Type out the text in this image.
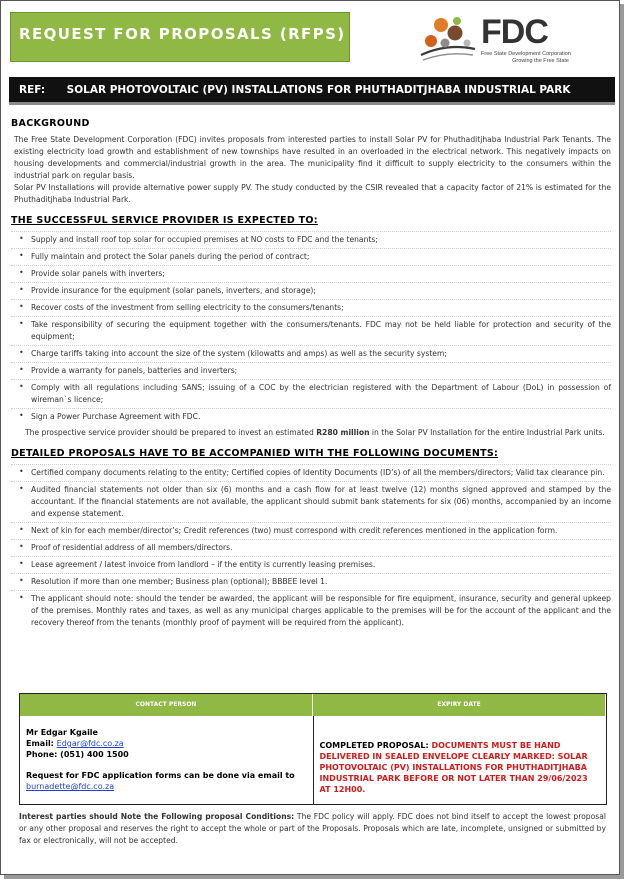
REQUEST FOR PROPOSALS (RFPS)	FDC
Free State Development Corporation
Growing the Free State
REF: SOLAR PHOTOVOLTAIC (PV) INSTALLATIONS FOR PHUTHADITJHABA INDUSTRIAL PARK
BACKGROUND

The Free State Development Corporation (FDC) invites proposals from interested parties to install Solar PV for Phuthaditjhaba Industrial Park Tenants. The existing electricity load growth and establishment of new townships have resulted in an overloaded in the electrical network. This negatively impacts on housing developments and commercial/industrial growth in the area. The municipality find it difficult to supply electricity to the consumers within the industrial park on regular basis.

Solar PV Installations will provide alternative power supply PV. The study conducted by the CSIR revealed that a capacity factor of 21% is estimated for the Phuthaditjhaba Industrial Park.

THE SUCCESSFUL SERVICE PROVIDER IS EXPECTED TO:
• Supply and install roof top solar for occupied premises at NO costs to FDC and the tenants;
• Fully maintain and protect the Solar panels during the period of contract;
• Provide solar panels with inverters;
• Provide insurance for the equipment (solar panels, inverters, and storage);
• Recover costs of the investment from selling electricity to the consumers/tenants;
• Take responsibility of securing the equipment together with the consumers/tenants. FDC may not be held liable for protection and security of the equipment;
• Charge tariffs taking into account the size of the system (kilowatts and amps) as well as the security system;
• Provide a warranty for panels, batteries and inverters;
• Comply with all regulations including SANS; issuing of a COC by the electrician registered with the Department of Labour (DoL) in possession of wireman`s licence;
• Sign a Power Purchase Agreement with FDC.

The prospective service provider should be prepared to invest an estimated R280 million in the Solar PV Installation for the entire Industrial Park units.

DETAILED PROPOSALS HAVE TO BE ACCOMPANIED WITH THE FOLLOWING DOCUMENTS:
• Certified company documents relating to the entity; Certified copies of Identity Documents (ID’s) of all the members/directors; Valid tax clearance pin.
• Audited financial statements not older than six (6) months and a cash flow for at least twelve (12) months signed approved and stamped by the accountant. If the financial statements are not available, the applicant should submit bank statements for six (06) months, accompanied by an income and expense statement.
• Next of kin for each member/director’s; Credit references (two) must correspond with credit references mentioned in the application form.
• Proof of residential address of all members/directors.
• Lease agreement / latest invoice from landlord – if the entity is currently leasing premises.
• Resolution if more than one member; Business plan (optional); BBBEE level 1.
• The applicant should note: should the tender be awarded, the applicant will be responsible for fire equipment, insurance, security and general upkeep of the premises. Monthly rates and taxes, as well as any municipal charges applicable to the premises will be for the account of the applicant and the recovery thereof from the tenants (monthly proof of payment will be required from the applicant).
CONTACT PERSON	EXPIRY DATE
Mr Edgar Kgaile
Email: Edgar@fdc.co.za
Phone: (051) 400 1500
Request for FDC application forms can be done via email to
burnadette@fdc.co.za
COMPLETED PROPOSAL: DOCUMENTS MUST BE HAND DELIVERED IN SEALED ENVELOPE CLEARLY MARKED: SOLAR PHOTOVOLTAIC (PV) INSTALLATIONS FOR PHUTHADITJHABA INDUSTRIAL PARK BEFORE OR NOT LATER THAN 29/06/2023 AT 12H00.
Interest parties should Note the Following proposal Conditions: The FDC policy will apply. FDC does not bind itself to accept the lowest proposal or any other proposal and reserves the right to accept the whole or part of the Proposals. Proposals which are late, incomplete, unsigned or submitted by fax or electronically, will not be accepted.
